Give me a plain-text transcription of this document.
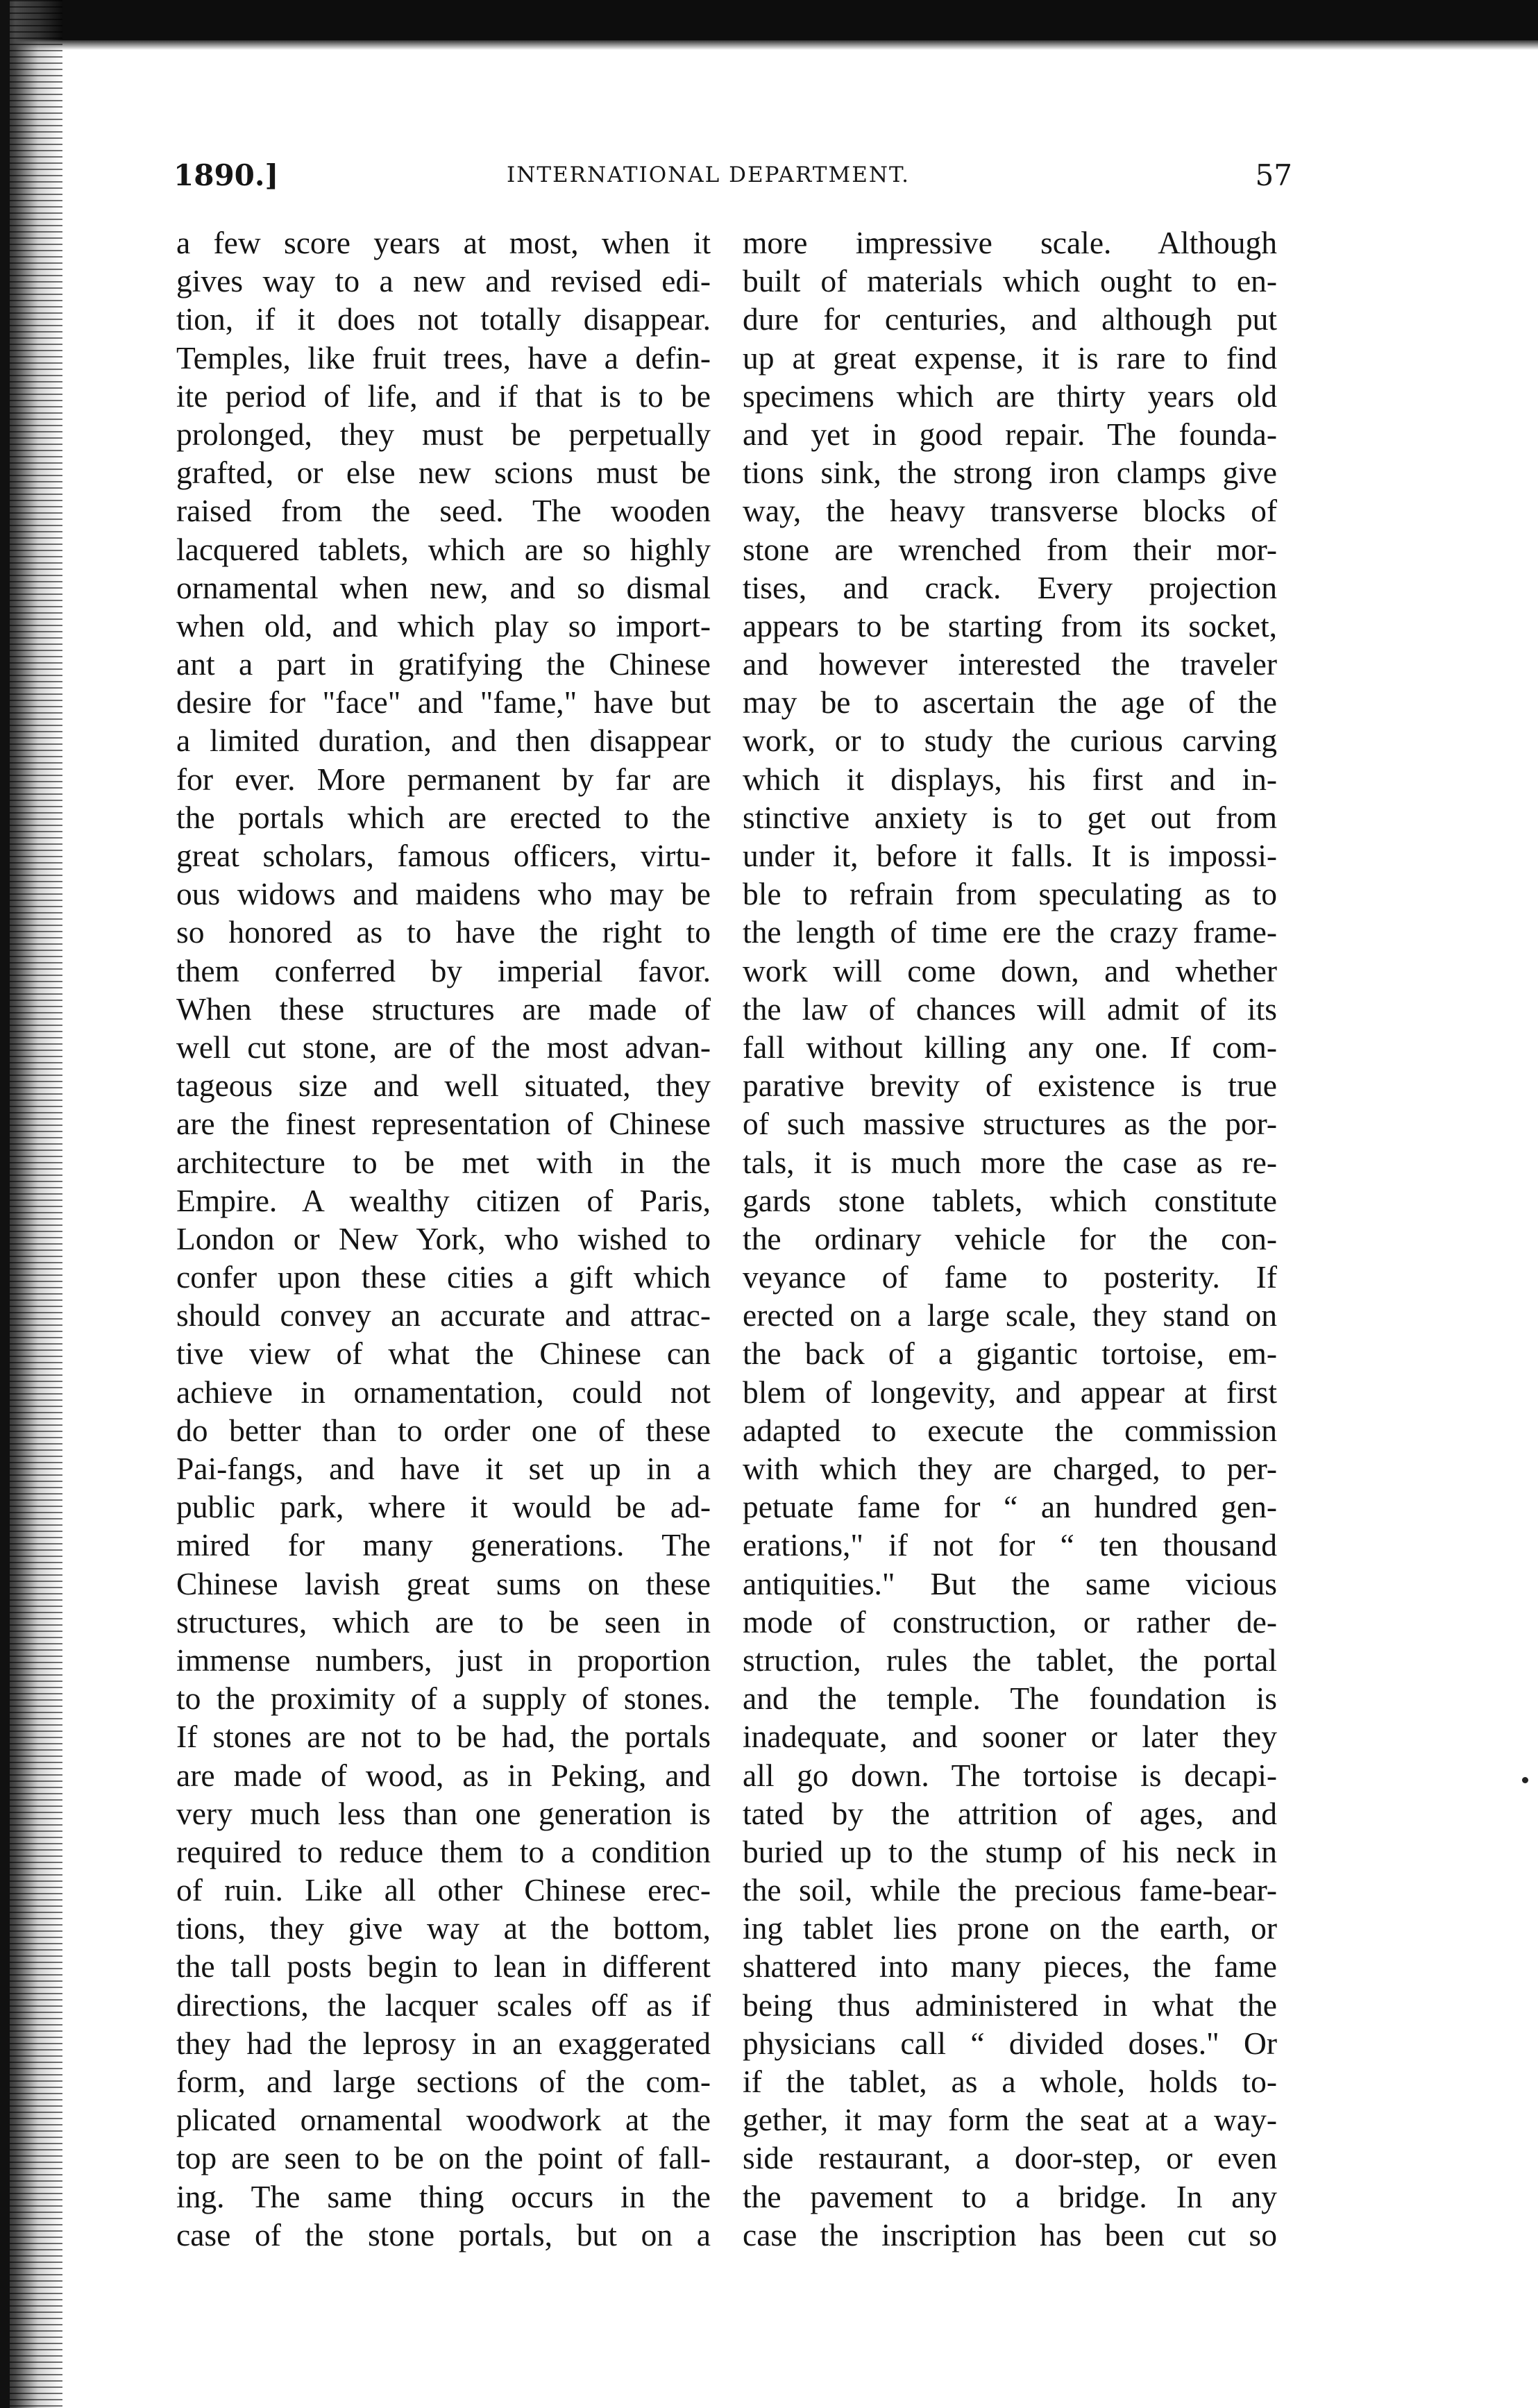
1890.]	INTERNATIONAL DEPARTMENT.	57
a few score years at most, when it
gives way to a new and revised edi-
tion, if it does not totally disappear.
Temples, like fruit trees, have a defin-
ite period of life, and if that is to be
prolonged, they must be perpetually
grafted, or else new scions must be
raised from the seed. The wooden
lacquered tablets, which are so highly
ornamental when new, and so dismal
when old, and which play so import-
ant a part in gratifying the Chinese
desire for "face" and "fame," have but
a limited duration, and then disappear
for ever. More permanent by far are
the portals which are erected to the
great scholars, famous officers, virtu-
ous widows and maidens who may be
so honored as to have the right to
them conferred by imperial favor.
When these structures are made of
well cut stone, are of the most advan-
tageous size and well situated, they
are the finest representation of Chinese
architecture to be met with in the
Empire. A wealthy citizen of Paris,
London or New York, who wished to
confer upon these cities a gift which
should convey an accurate and attrac-
tive view of what the Chinese can
achieve in ornamentation, could not
do better than to order one of these
Pai-fangs, and have it set up in a
public park, where it would be ad-
mired for many generations. The
Chinese lavish great sums on these
structures, which are to be seen in
immense numbers, just in proportion
to the proximity of a supply of stones.
If stones are not to be had, the portals
are made of wood, as in Peking, and
very much less than one generation is
required to reduce them to a condition
of ruin. Like all other Chinese erec-
tions, they give way at the bottom,
the tall posts begin to lean in different
directions, the lacquer scales off as if
they had the leprosy in an exaggerated
form, and large sections of the com-
plicated ornamental woodwork at the
top are seen to be on the point of fall-
ing. The same thing occurs in the
case of the stone portals, but on a
more impressive scale. Although
built of materials which ought to en-
dure for centuries, and although put
up at great expense, it is rare to find
specimens which are thirty years old
and yet in good repair. The founda-
tions sink, the strong iron clamps give
way, the heavy transverse blocks of
stone are wrenched from their mor-
tises, and crack. Every projection
appears to be starting from its socket,
and however interested the traveler
may be to ascertain the age of the
work, or to study the curious carving
which it displays, his first and in-
stinctive anxiety is to get out from
under it, before it falls. It is impossi-
ble to refrain from speculating as to
the length of time ere the crazy frame-
work will come down, and whether
the law of chances will admit of its
fall without killing any one. If com-
parative brevity of existence is true
of such massive structures as the por-
tals, it is much more the case as re-
gards stone tablets, which constitute
the ordinary vehicle for the con-
veyance of fame to posterity. If
erected on a large scale, they stand on
the back of a gigantic tortoise, em-
blem of longevity, and appear at first
adapted to execute the commission
with which they are charged, to per-
petuate fame for “ an hundred gen-
erations," if not for “ ten thousand
antiquities." But the same vicious
mode of construction, or rather de-
struction, rules the tablet, the portal
and the temple. The foundation is
inadequate, and sooner or later they
all go down. The tortoise is decapi-
tated by the attrition of ages, and
buried up to the stump of his neck in
the soil, while the precious fame-bear-
ing tablet lies prone on the earth, or
shattered into many pieces, the fame
being thus administered in what the
physicians call “ divided doses." Or
if the tablet, as a whole, holds to-
gether, it may form the seat at a way-
side restaurant, a door-step, or even
the pavement to a bridge. In any
case the inscription has been cut so
